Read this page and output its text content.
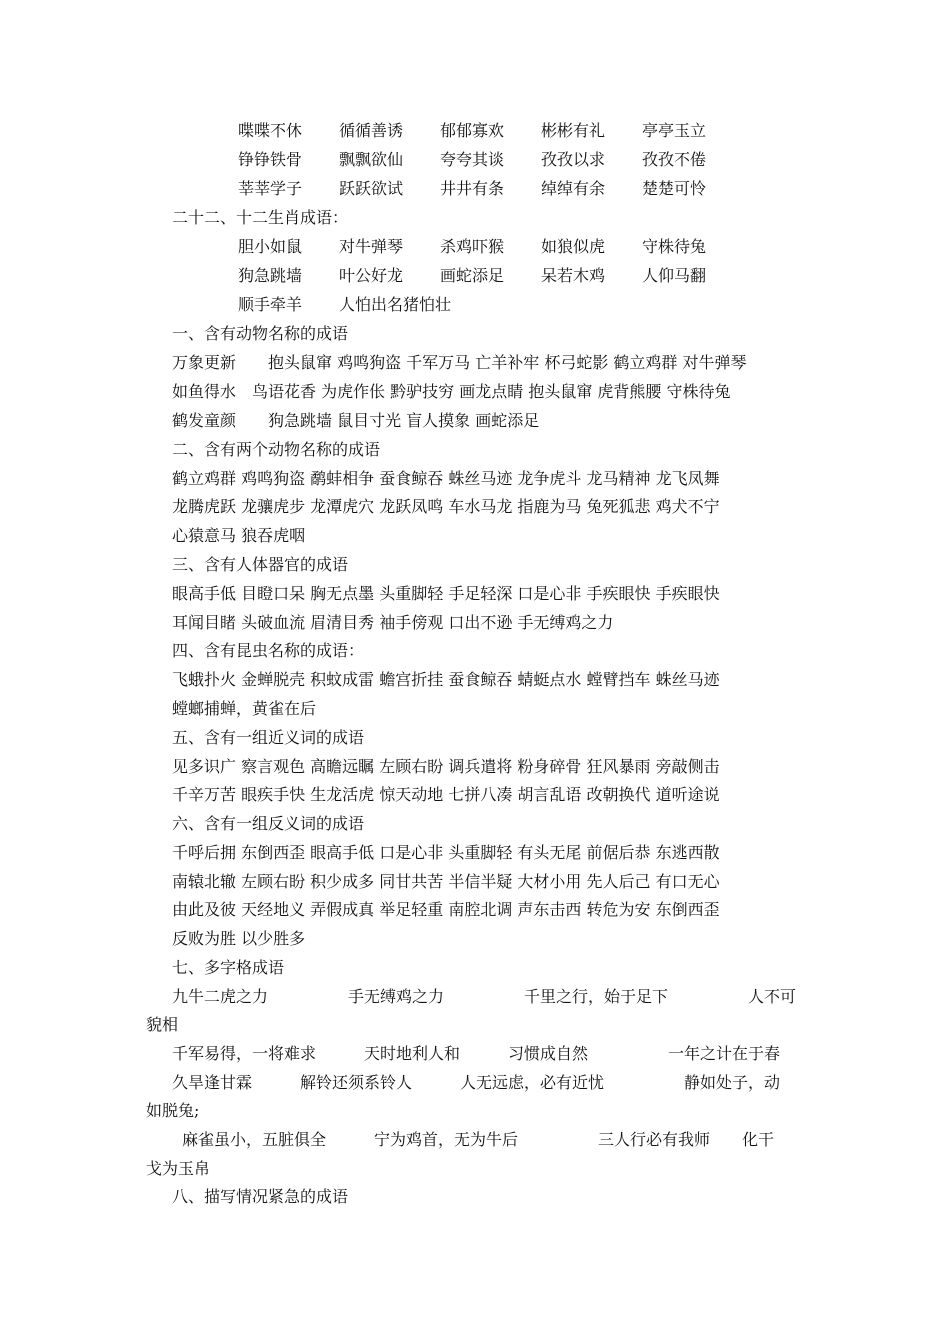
喋喋不休 循循善诱 郁郁寡欢 彬彬有礼 亭亭玉立
铮铮铁骨 飘飘欲仙 夸夸其谈 孜孜以求 孜孜不倦
莘莘学子 跃跃欲试 井井有条 绰绰有余 楚楚可怜
二十二、十二生肖成语：
胆小如鼠 对牛弹琴 杀鸡吓猴 如狼似虎 守株待兔
狗急跳墙 叶公好龙 画蛇添足 呆若木鸡 人仰马翻
顺手牵羊 人怕出名猪怕壮
一、含有动物名称的成语
万象更新　　抱头鼠窜 鸡鸣狗盗 千军万马 亡羊补牢 杯弓蛇影 鹤立鸡群 对牛弹琴
如鱼得水　鸟语花香 为虎作伥 黔驴技穷 画龙点睛 抱头鼠窜 虎背熊腰 守株待兔
鹤发童颜　　狗急跳墙 鼠目寸光 盲人摸象 画蛇添足
二、含有两个动物名称的成语
鹤立鸡群 鸡鸣狗盗 鹬蚌相争 蚕食鲸吞 蛛丝马迹 龙争虎斗 龙马精神 龙飞凤舞
龙腾虎跃 龙骧虎步 龙潭虎穴 龙跃凤鸣 车水马龙 指鹿为马 兔死狐悲 鸡犬不宁
心猿意马 狼吞虎咽
三、含有人体器官的成语
眼高手低 目瞪口呆 胸无点墨 头重脚轻 手足轻深 口是心非 手疾眼快 手疾眼快
耳闻目睹 头破血流 眉清目秀 袖手傍观 口出不逊 手无缚鸡之力
四、含有昆虫名称的成语：
飞蛾扑火 金蝉脱壳 积蚊成雷 蟾宫折挂 蚕食鲸吞 蜻蜓点水 螳臂挡车 蛛丝马迹
螳螂捕蝉，黄雀在后
五、含有一组近义词的成语
见多识广 察言观色 高瞻远瞩 左顾右盼 调兵遣将 粉身碎骨 狂风暴雨 旁敲侧击
千辛万苦 眼疾手快 生龙活虎 惊天动地 七拼八凑 胡言乱语 改朝换代 道听途说
六、含有一组反义词的成语
千呼后拥 东倒西歪 眼高手低 口是心非 头重脚轻 有头无尾 前倨后恭 东逃西散
南辕北辙 左顾右盼 积少成多 同甘共苦 半信半疑 大材小用 先人后己 有口无心
由此及彼 天经地义 弄假成真 举足轻重 南腔北调 声东击西 转危为安 东倒西歪
反败为胜 以少胜多
七、多字格成语
九牛二虎之力　　　　　手无缚鸡之力　　　　　千里之行，始于足下　　　　　人不可
貌相
千军易得，一将难求　　　天时地利人和　　　习惯成自然　　　　　一年之计在于春
久旱逢甘霖　　　解铃还须系铃人　　　人无远虑，必有近忧　　　　　静如处子，动
如脱兔;
麻雀虽小，五脏俱全　　　宁为鸡首，无为牛后　　　　　三人行必有我师　　化干
戈为玉帛
八、描写情况紧急的成语
